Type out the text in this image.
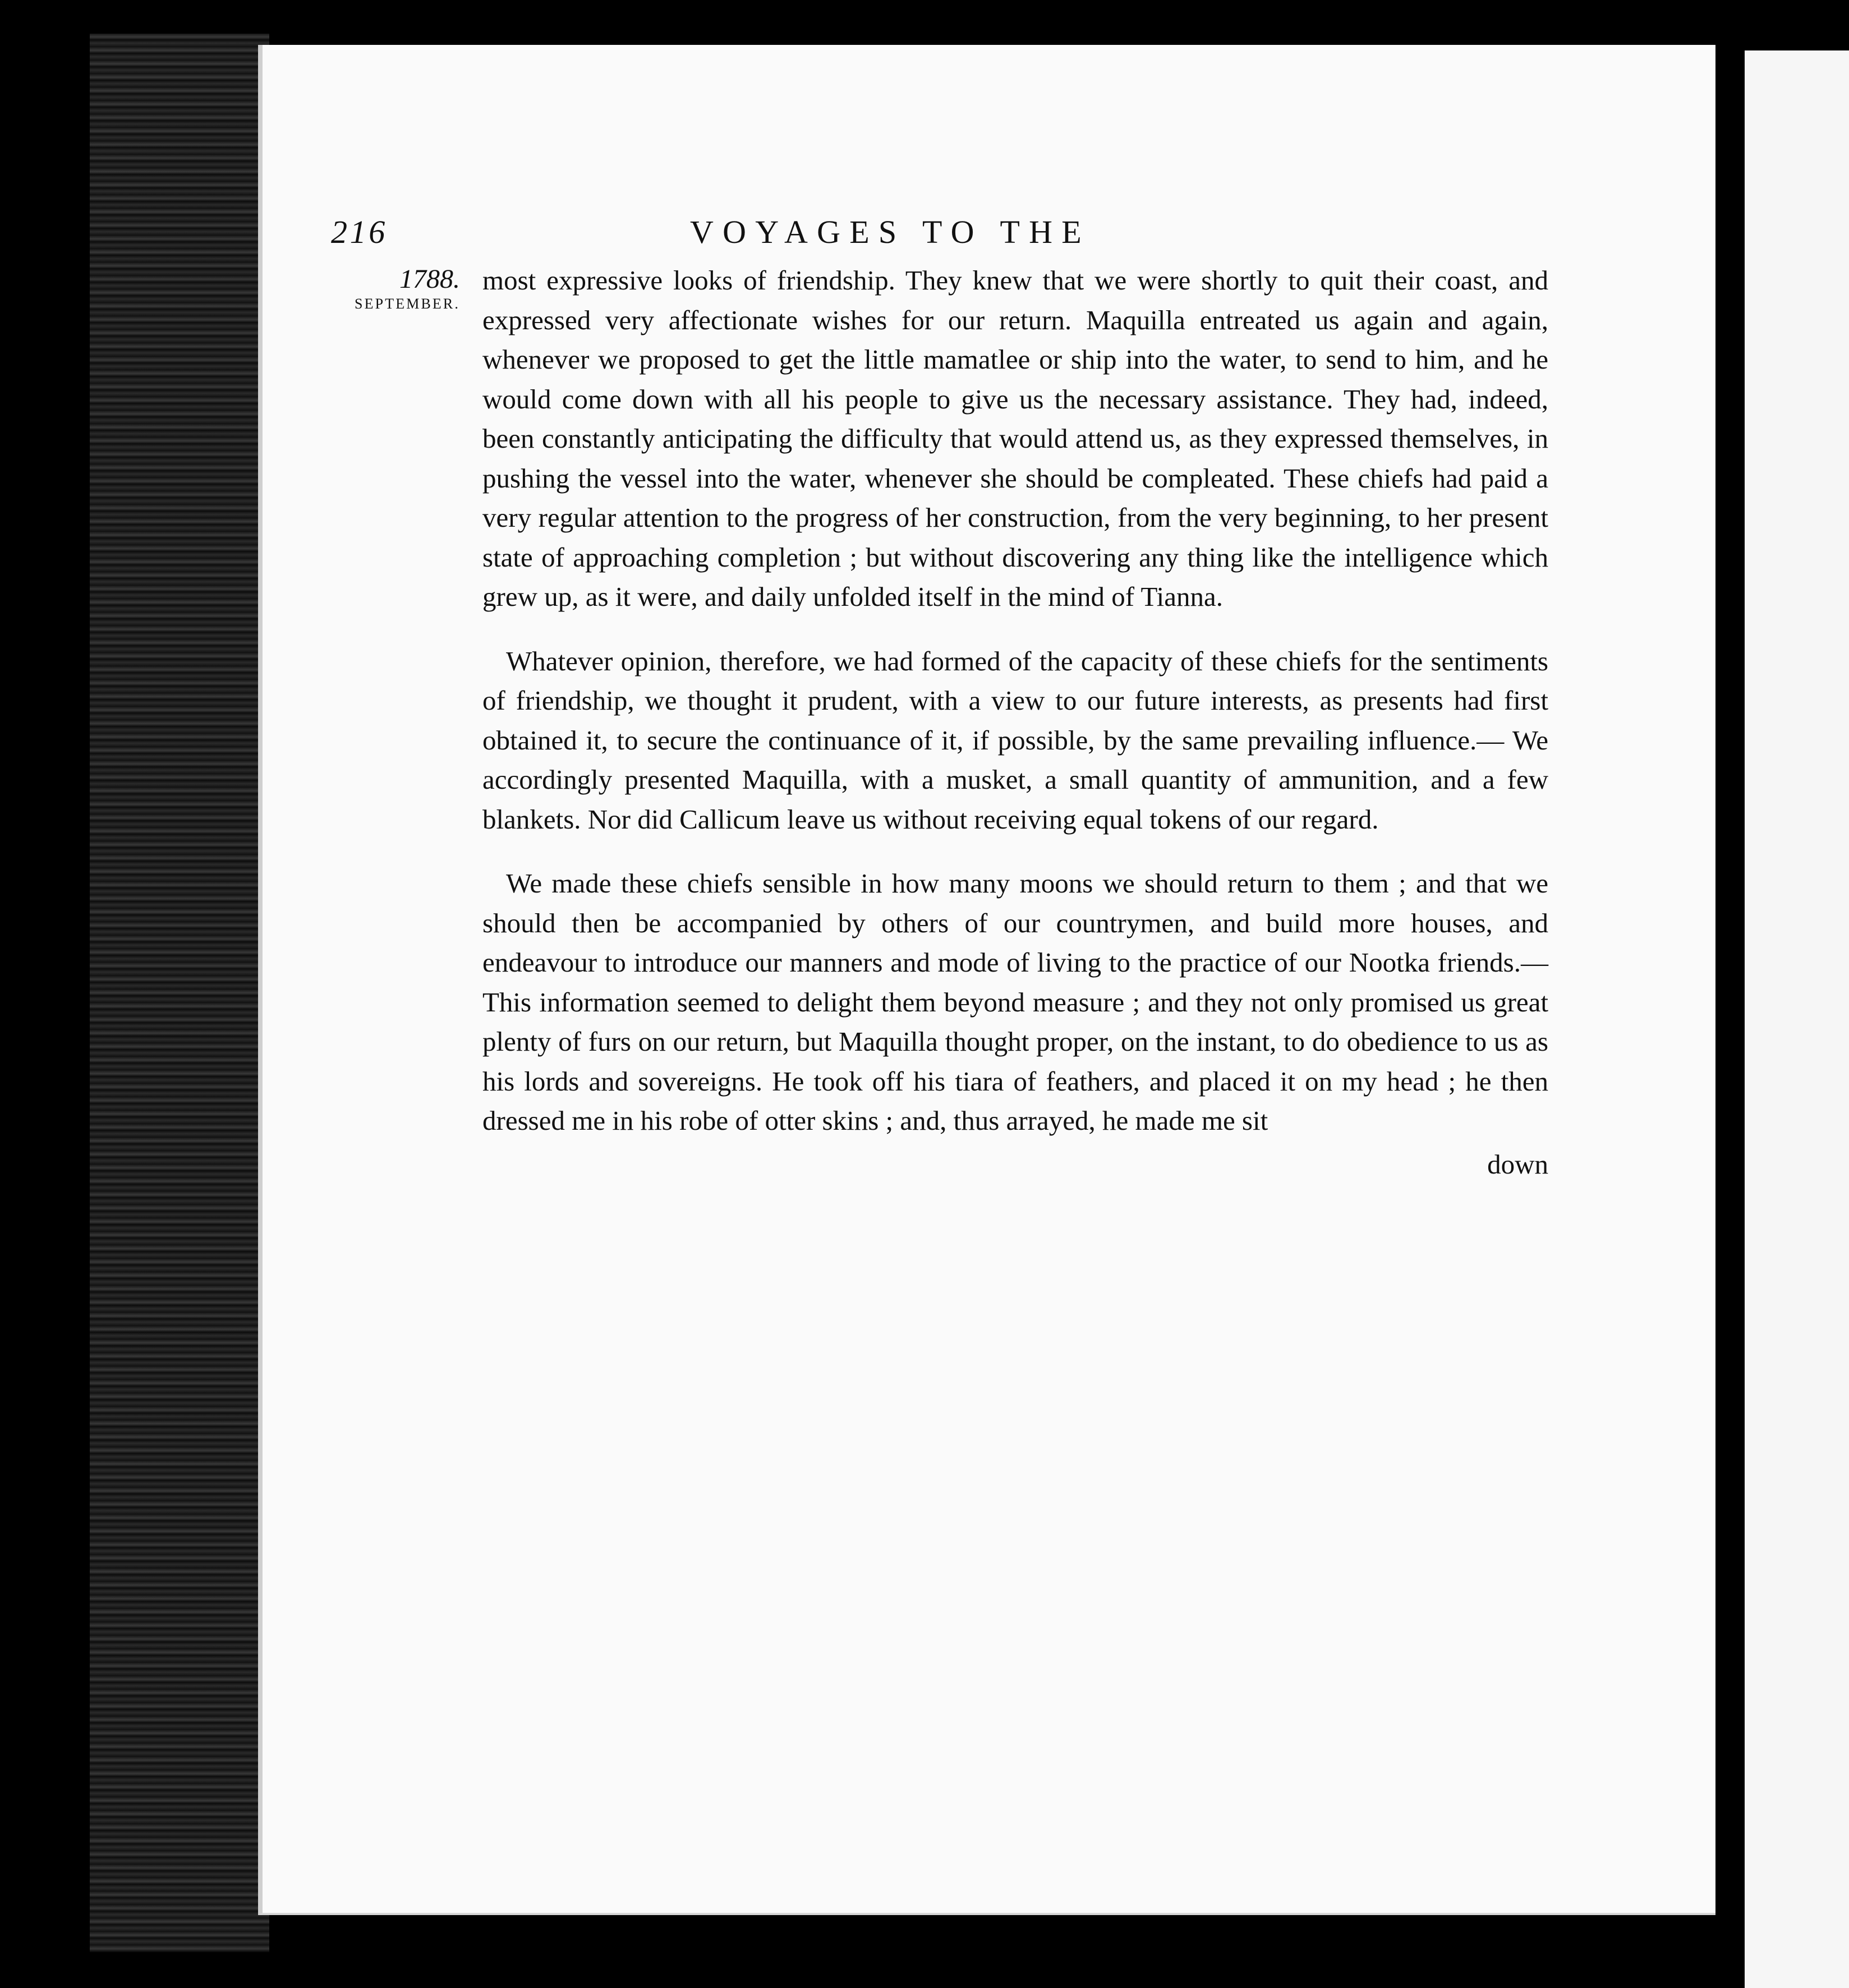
216	VOYAGES TO THE
1788.
SEPTEMBER.

most expressive looks of friendship. They knew that we were shortly to quit their coast, and expressed very affectionate wishes for our return. Maquilla entreated us again and again, whenever we proposed to get the little mamatlee or ship into the water, to send to him, and he would come down with all his people to give us the necessary assistance. They had, indeed, been constantly anticipating the difficulty that would attend us, as they expressed themselves, in pushing the vessel into the water, whenever she should be compleated. These chiefs had paid a very regular attention to the progress of her construction, from the very beginning, to her present state of approaching completion ; but without discovering any thing like the intelligence which grew up, as it were, and daily unfolded itself in the mind of Tianna.

Whatever opinion, therefore, we had formed of the capacity of these chiefs for the sentiments of friendship, we thought it prudent, with a view to our future interests, as presents had first obtained it, to secure the continuance of it, if possible, by the same prevailing influence.— We accordingly presented Maquilla, with a musket, a small quantity of ammunition, and a few blankets. Nor did Callicum leave us without receiving equal tokens of our regard.

We made these chiefs sensible in how many moons we should return to them ; and that we should then be accompanied by others of our countrymen, and build more houses, and endeavour to introduce our manners and mode of living to the practice of our Nootka friends.—This information seemed to delight them beyond measure ; and they not only promised us great plenty of furs on our return, but Maquilla thought proper, on the instant, to do obedience to us as his lords and sovereigns. He took off his tiara of feathers, and placed it on my head ; he then dressed me in his robe of otter skins ; and, thus arrayed, he made me sit

down
